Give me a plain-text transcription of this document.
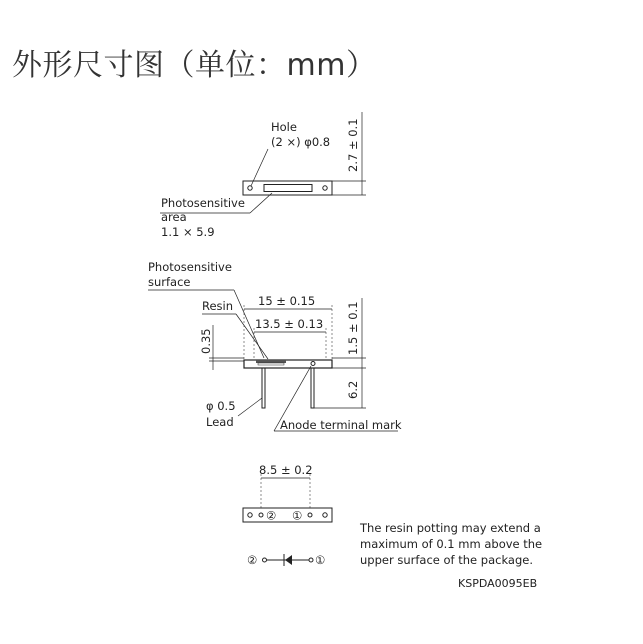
外形尺寸图（单位：mm）
Hole
(2 ×) φ0.8
Photosensitive
area
1.1 × 5.9
2.7 ± 0.1
Photosensitive
surface
Resin 15 ± 0.15
13.5 ± 0.13
0.35	1.5 ± 0.1
6.2
φ 0.5
Lead	Anode terminal mark
8.5 ± 0.2
② ①
②	①
The resin potting may extend a
maximum of 0.1 mm above the
upper surface of the package.
KSPDA0095EB
